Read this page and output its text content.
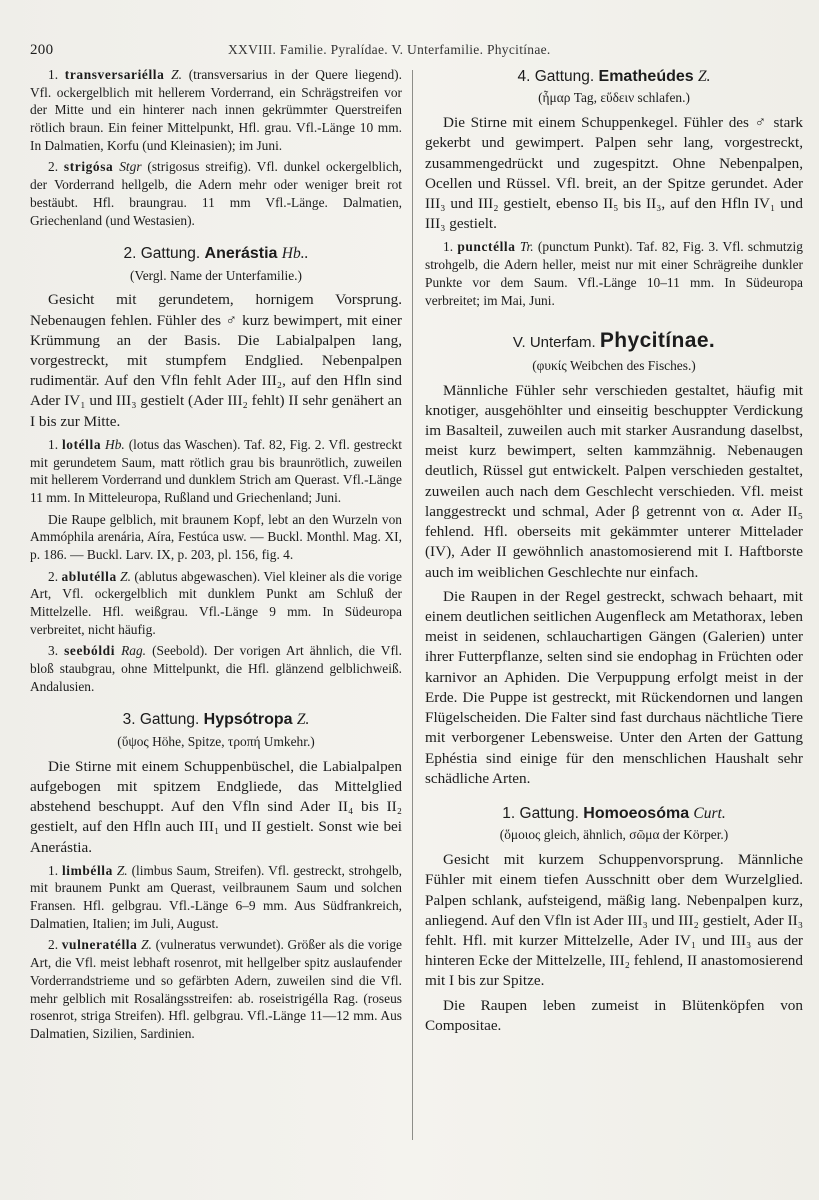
200	XXVIII. Familie. Pyralídae. V. Unterfamilie. Phycitínae.

1. transversariélla Z. (transversarius in der Quere liegend). Vfl. ockergelblich mit hellerem Vorderrand, ein Schrägstreifen vor der Mitte und ein hinterer nach innen gekrümmter Querstreifen rötlich braun. Ein feiner Mittelpunkt, Hfl. grau. Vfl.-Länge 10 mm. In Dalmatien, Korfu (und Kleinasien); im Juni.

2. strigósa Stgr (strigosus streifig). Vfl. dunkel ockergelblich, der Vorderrand hellgelb, die Adern mehr oder weniger breit rot bestäubt. Hfl. braungrau. 11 mm Vfl.-Länge. Dalmatien, Griechenland (und Westasien).

2. Gattung. Anerástia Hb..
(Vergl. Name der Unterfamilie.)

Gesicht mit gerundetem, hornigem Vorsprung. Nebenaugen fehlen. Fühler des ♂ kurz bewimpert, mit einer Krümmung an der Basis. Die Labialpalpen lang, vorgestreckt, mit stumpfem Endglied. Nebenpalpen rudimentär. Auf den Vfln fehlt Ader III₂, auf den Hfln sind Ader IV₁ und III₃ gestielt (Ader III₂ fehlt) II sehr genähert an I bis zur Mitte.

1. lotélla Hb. (lotus das Waschen). Taf. 82, Fig. 2. Vfl. gestreckt mit gerundetem Saum, matt rötlich grau bis braunrötlich, zuweilen mit hellerem Vorderrand und dunklem Strich am Querast. Vfl.-Länge 11 mm. In Mitteleuropa, Rußland und Griechenland; Juni.

Die Raupe gelblich, mit braunem Kopf, lebt an den Wurzeln von Ammóphila arenária, Aíra, Festúca usw. — Buckl. Monthl. Mag. XI, p. 186. — Buckl. Larv. IX, p. 203, pl. 156, fig. 4.

2. ablutélla Z. (ablutus abgewaschen). Viel kleiner als die vorige Art, Vfl. ockergelblich mit dunklem Punkt am Schluß der Mittelzelle. Hfl. weißgrau. Vfl.-Länge 9 mm. In Südeuropa verbreitet, nicht häufig.

3. seebóldi Rag. (Seebold). Der vorigen Art ähnlich, die Vfl. bloß staubgrau, ohne Mittelpunkt, die Hfl. glänzend gelblichweiß. Andalusien.

3. Gattung. Hypsótropa Z.
(ὕψος Höhe, Spitze, τροπή Umkehr.)

Die Stirne mit einem Schuppenbüschel, die Labialpalpen aufgebogen mit spitzem Endgliede, das Mittelglied abstehend beschuppt. Auf den Vfln sind Ader II₄ bis II₂ gestielt, auf den Hfln auch III₁ und II gestielt. Sonst wie bei Anerástia.

1. limbélla Z. (limbus Saum, Streifen). Vfl. gestreckt, strohgelb, mit braunem Punkt am Querast, veilbraunem Saum und solchen Fransen. Hfl. gelbgrau. Vfl.-Länge 6–9 mm. Aus Südfrankreich, Dalmatien, Italien; im Juli, August.

2. vulneratélla Z. (vulneratus verwundet). Größer als die vorige Art, die Vfl. meist lebhaft rosenrot, mit hellgelber spitz auslaufender Vorderrandstrieme und so gefärbten Adern, zuweilen sind die Vfl. mehr gelblich mit Rosalängsstreifen: ab. roseistrigélla Rag. (roseus rosenrot, striga Streifen). Hfl. gelbgrau. Vfl.-Länge 11—12 mm. Aus Dalmatien, Sizilien, Sardinien.

4. Gattung. Ematheúdes Z.
(ἦμαρ Tag, εὕδειν schlafen.)

Die Stirne mit einem Schuppenkegel. Fühler des ♂ stark gekerbt und gewimpert. Palpen sehr lang, vorgestreckt, zusammengedrückt und zugespitzt. Ohne Nebenpalpen, Ocellen und Rüssel. Vfl. breit, an der Spitze gerundet. Ader III₃ und III₂ gestielt, ebenso II₅ bis II₃, auf den Hfln IV₁ und III₃ gestielt.

1. punctélla Tr. (punctum Punkt). Taf. 82, Fig. 3. Vfl. schmutzig strohgelb, die Adern heller, meist nur mit einer Schrägreihe dunkler Punkte vor dem Saum. Vfl.-Länge 10–11 mm. In Südeuropa verbreitet; im Mai, Juni.

V. Unterfam. Phycitínae.
(φυκίς Weibchen des Fisches.)

Männliche Fühler sehr verschieden gestaltet, häufig mit knotiger, ausgehöhlter und einseitig beschuppter Verdickung im Basalteil, zuweilen auch mit starker Ausrandung daselbst, meist kurz bewimpert, selten kammzähnig. Nebenaugen deutlich, Rüssel gut entwickelt. Palpen verschieden gestaltet, zuweilen auch nach dem Geschlecht verschieden. Vfl. meist langgestreckt und schmal, Ader β getrennt von α. Ader II₅ fehlend. Hfl. oberseits mit gekämmter unterer Mittelader (IV), Ader II gewöhnlich anastomosierend mit I. Haftborste auch im weiblichen Geschlechte nur einfach.

Die Raupen in der Regel gestreckt, schwach behaart, mit einem deutlichen seitlichen Augenfleck am Metathorax, leben meist in seidenen, schlauchartigen Gängen (Galerien) unter ihrer Futterpflanze, selten sind sie endophag in Früchten oder karnivor an Aphiden. Die Verpuppung erfolgt meist in der Erde. Die Puppe ist gestreckt, mit Rückendornen und langen Flügelscheiden. Die Falter sind fast durchaus nächtliche Tiere mit verborgener Lebensweise. Unter den Arten der Gattung Ephéstia sind einige für den menschlichen Haushalt sehr schädliche Arten.

1. Gattung. Homoeosóma Curt.
(ὅμοιος gleich, ähnlich, σῶμα der Körper.)

Gesicht mit kurzem Schuppenvorsprung. Männliche Fühler mit einem tiefen Ausschnitt ober dem Wurzelglied. Palpen schlank, aufsteigend, mäßig lang. Nebenpalpen kurz, anliegend. Auf den Vfln ist Ader III₃ und III₂ gestielt, Ader II₃ fehlt. Hfl. mit kurzer Mittelzelle, Ader IV₁ und III₃ aus der hinteren Ecke der Mittelzelle, III₂ fehlend, II anastomosierend mit I bis zur Spitze.

Die Raupen leben zumeist in Blütenköpfen von Compositae.
